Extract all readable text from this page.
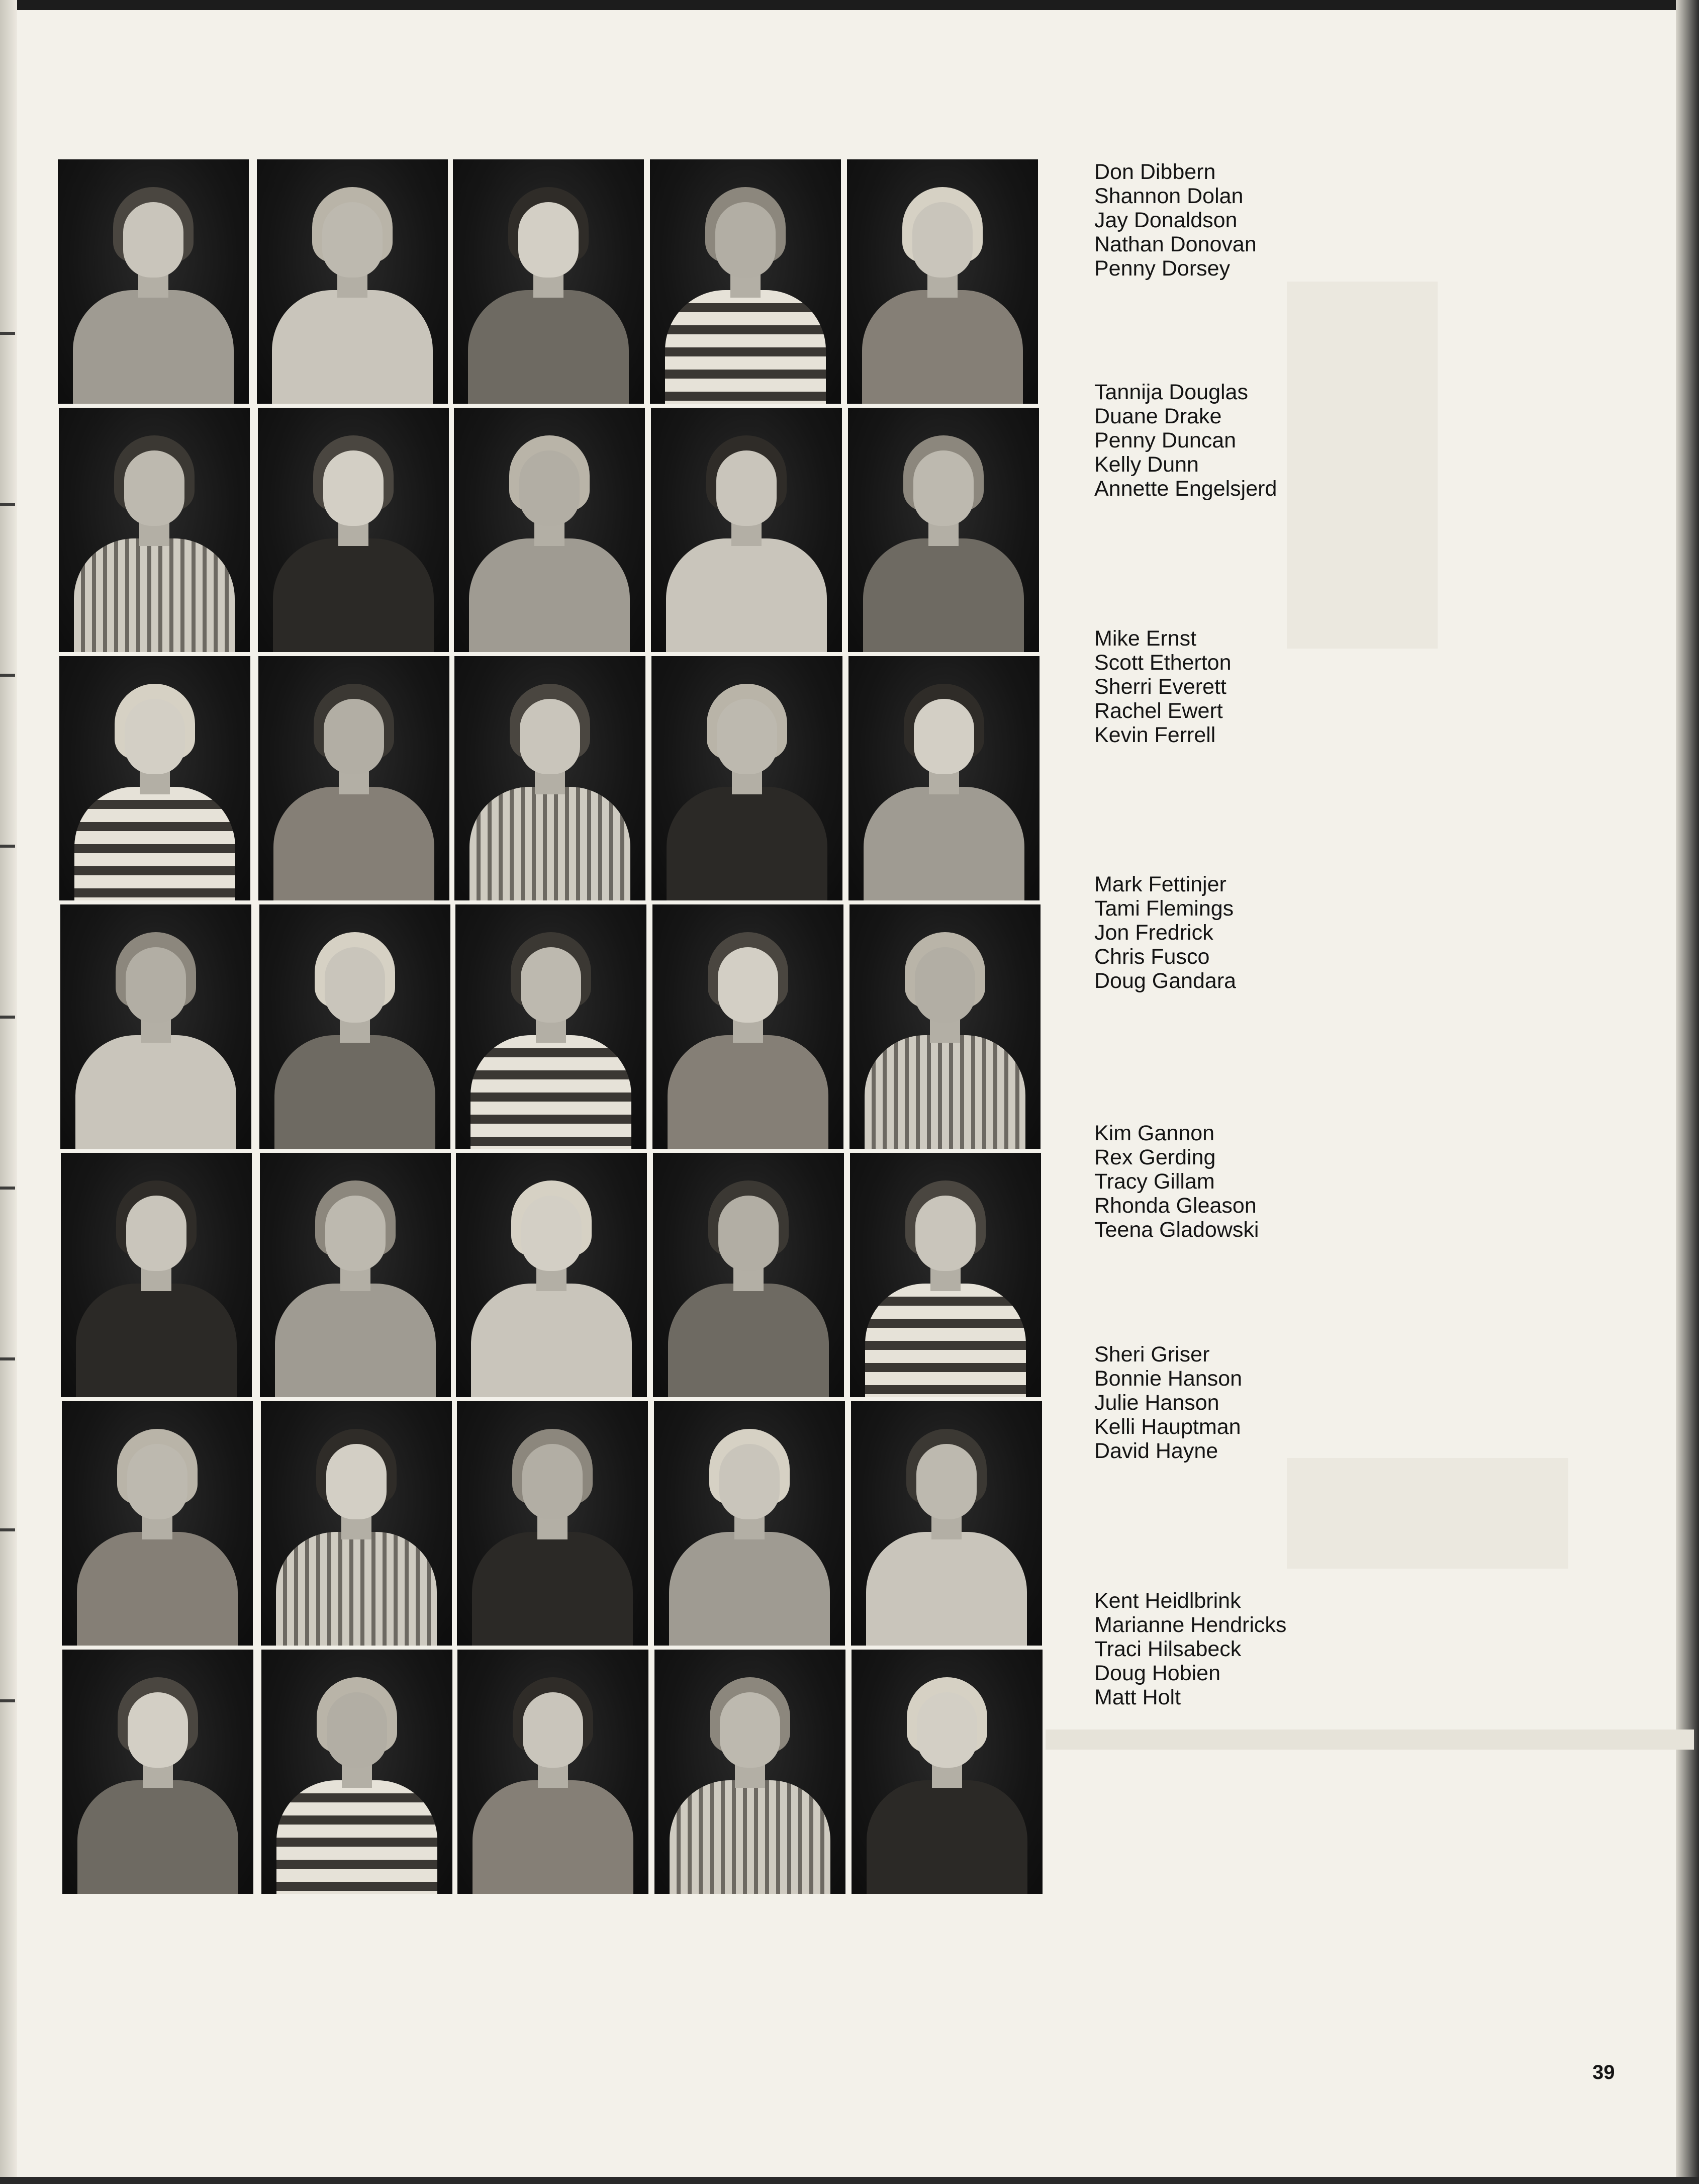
Don Dibbern
Shannon Dolan
Jay Donaldson
Nathan Donovan
Penny Dorsey
Tannija Douglas
Duane Drake
Penny Duncan
Kelly Dunn
Annette Engelsjerd
Mike Ernst
Scott Etherton
Sherri Everett
Rachel Ewert
Kevin Ferrell
Mark Fettinjer
Tami Flemings
Jon Fredrick
Chris Fusco
Doug Gandara
Kim Gannon
Rex Gerding
Tracy Gillam
Rhonda Gleason
Teena Gladowski
Sheri Griser
Bonnie Hanson
Julie Hanson
Kelli Hauptman
David Hayne
Kent Heidlbrink
Marianne Hendricks
Traci Hilsabeck
Doug Hobien
Matt Holt
39
